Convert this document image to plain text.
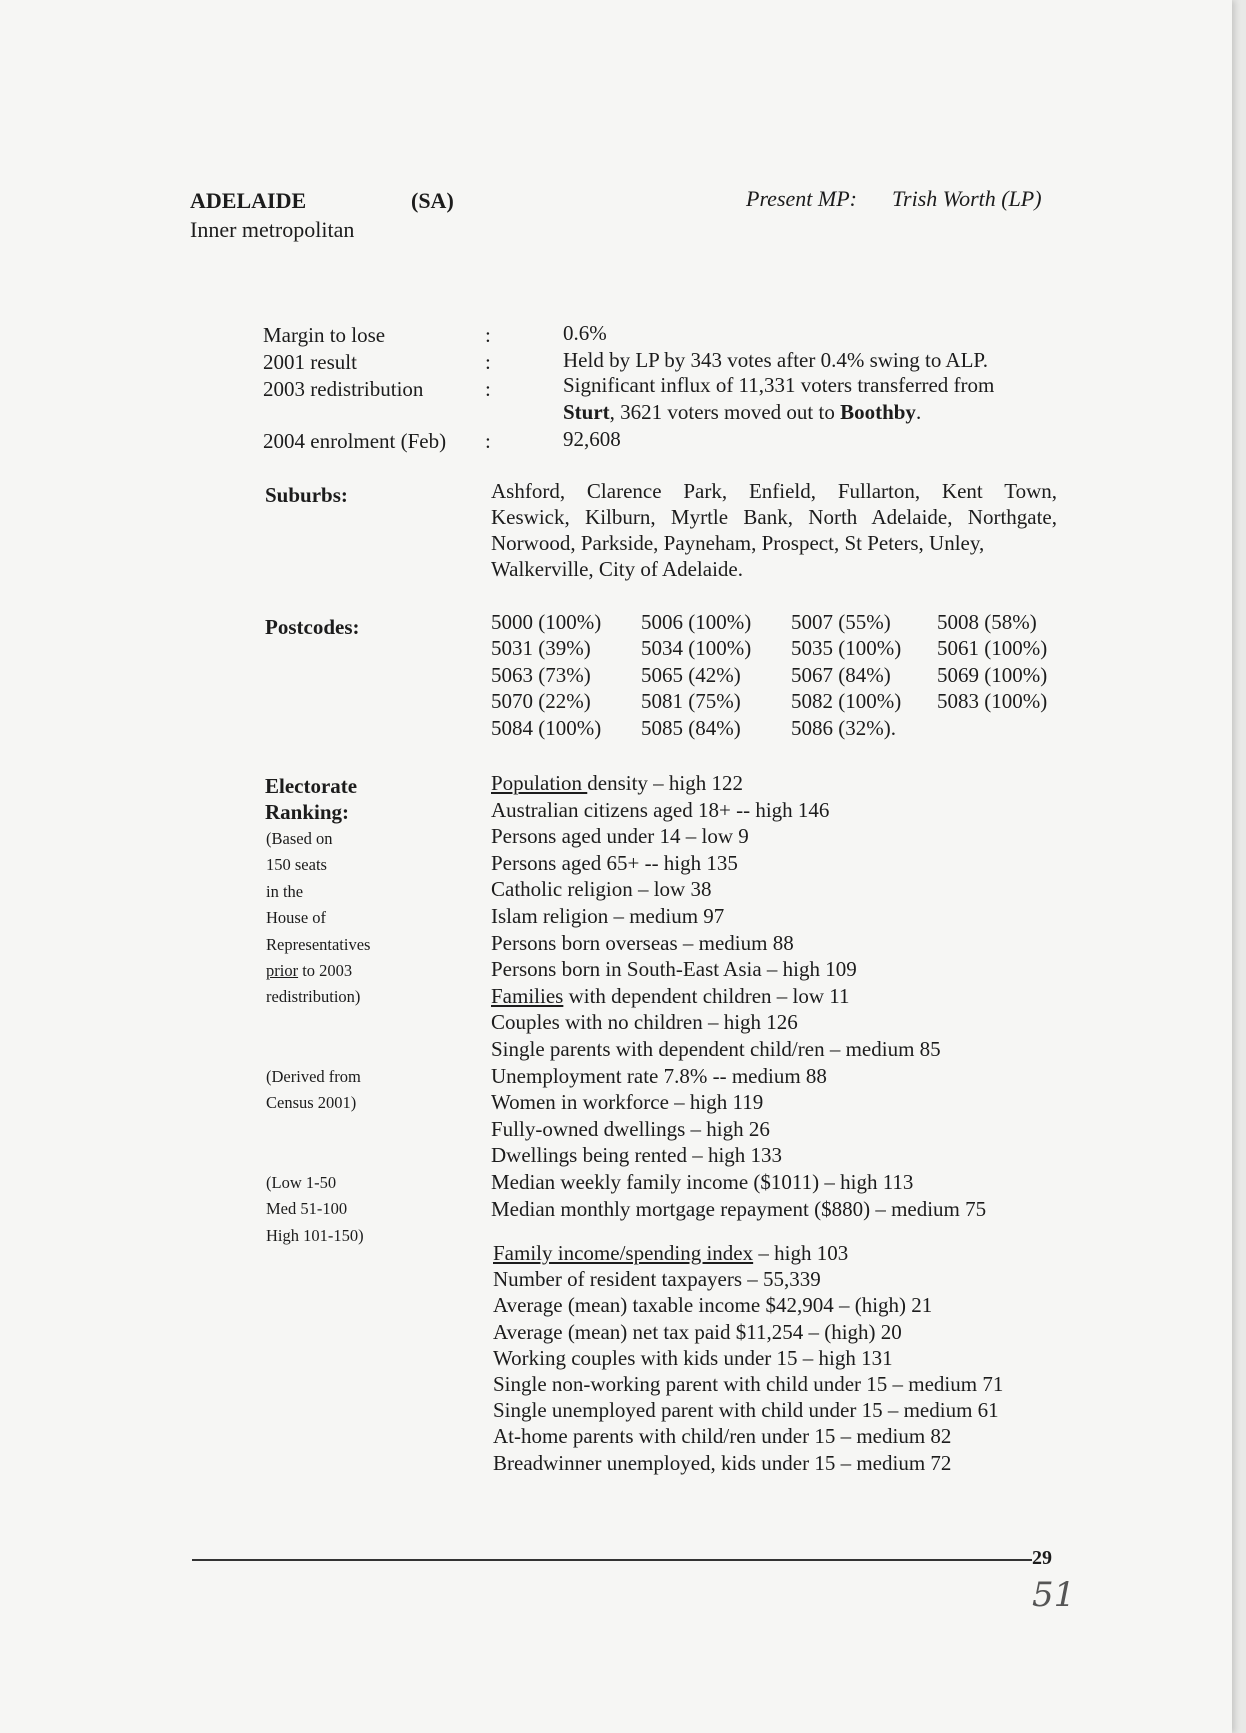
ADELAIDE	(SA)
Inner metropolitan
Present MP: Trish Worth (LP)
Margin to lose	:	0.6%
2001 result	:	Held by LP by 343 votes after 0.4% swing to ALP.
2003 redistribution	:	Significant influx of 11,331 voters transferred from
Sturt, 3621 voters moved out to Boothby.
2004 enrolment (Feb) :	92,608
Suburbs:	Ashford, Clarence Park, Enfield, Fullarton, Kent Town,
Keswick, Kilburn, Myrtle Bank, North Adelaide, Northgate,
Norwood, Parkside, Payneham, Prospect, St Peters, Unley,
Walkerville, City of Adelaide.
Postcodes:	5000 (100%)	5006 (100%)	5007 (55%)	5008 (58%)
5031 (39%)	5034 (100%)	5035 (100%)	5061 (100%)
5063 (73%)	5065 (42%)	5067 (84%)	5069 (100%)
5070 (22%)	5081 (75%)	5082 (100%)	5083 (100%)
5084 (100%)	5085 (84%)	5086 (32%).
Electorate
Ranking:
(Based on
150 seats
in the
House of
Representatives
prior to 2003
redistribution)
(Derived from
Census 2001)
(Low 1-50
Med 51-100
High 101-150)
Population density – high 122
Australian citizens aged 18+ -- high 146
Persons aged under 14 – low 9
Persons aged 65+ -- high 135
Catholic religion – low 38
Islam religion – medium 97
Persons born overseas – medium 88
Persons born in South-East Asia – high 109
Families with dependent children – low 11
Couples with no children – high 126
Single parents with dependent child/ren – medium 85
Unemployment rate 7.8% -- medium 88
Women in workforce – high 119
Fully-owned dwellings – high 26
Dwellings being rented – high 133
Median weekly family income ($1011) – high 113
Median monthly mortgage repayment ($880) – medium 75
Family income/spending index – high 103
Number of resident taxpayers – 55,339
Average (mean) taxable income $42,904 – (high) 21
Average (mean) net tax paid $11,254 – (high) 20
Working couples with kids under 15 – high 131
Single non-working parent with child under 15 – medium 71
Single unemployed parent with child under 15 – medium 61
At-home parents with child/ren under 15 – medium 82
Breadwinner unemployed, kids under 15 – medium 72
29
51
